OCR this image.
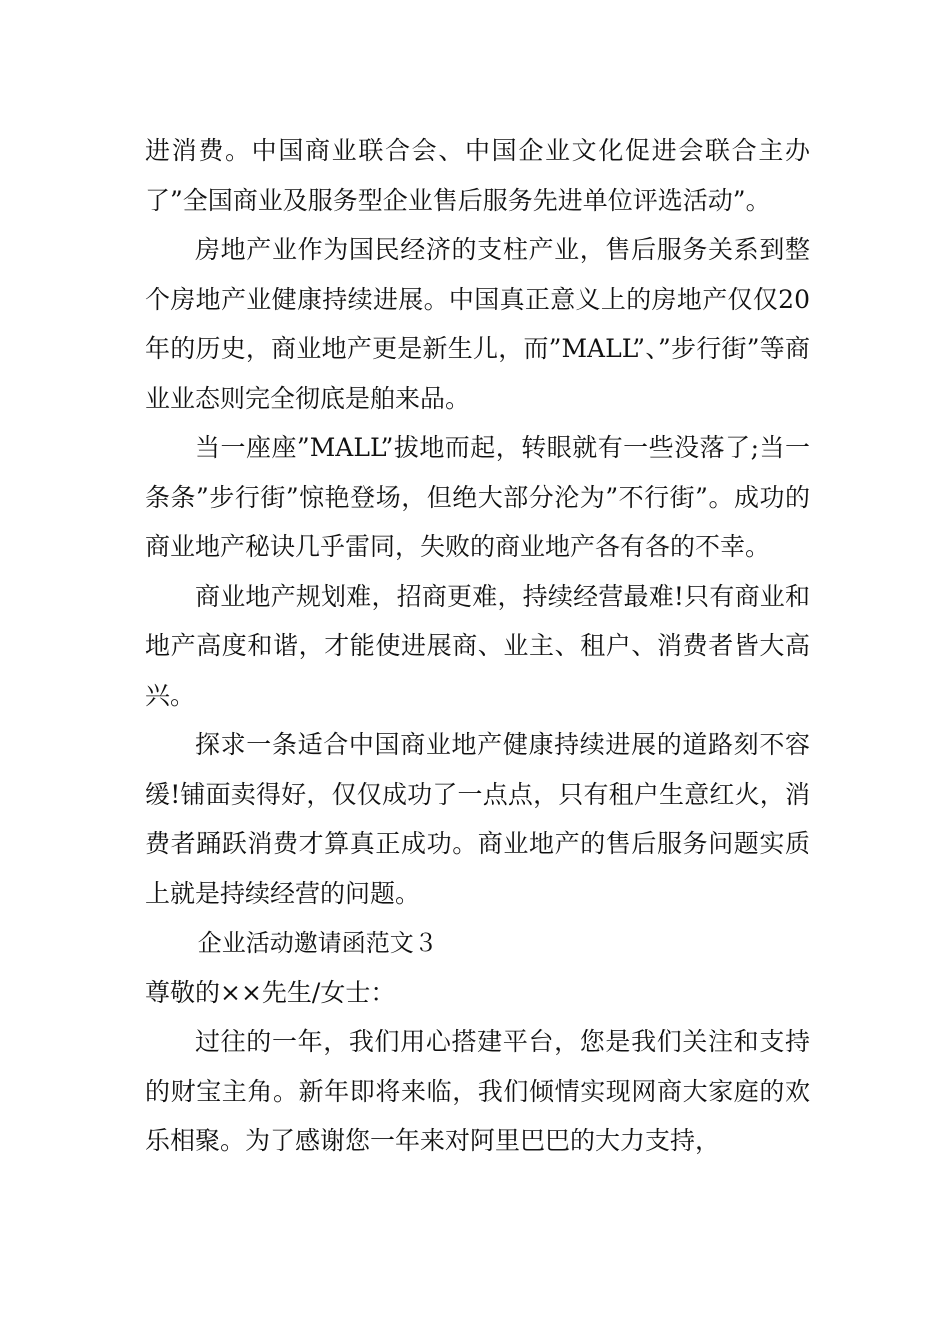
进消费。中国商业联合会、中国企业文化促进会联合主办了”全国商业及服务型企业售后服务先进单位评选活动”。

房地产业作为国民经济的支柱产业，售后服务关系到整个房地产业健康持续进展。中国真正意义上的房地产仅仅20年的历史，商业地产更是新生儿，而”MALL”、”步行街”等商业业态则完全彻底是舶来品。

当一座座”MALL”拔地而起，转眼就有一些没落了;当一条条”步行街”惊艳登场，但绝大部分沦为”不行街”。成功的商业地产秘诀几乎雷同，失败的商业地产各有各的不幸。

商业地产规划难，招商更难，持续经营最难!只有商业和地产高度和谐，才能使进展商、业主、租户、消费者皆大高兴。

探求一条适合中国商业地产健康持续进展的道路刻不容缓!铺面卖得好，仅仅成功了一点点，只有租户生意红火，消费者踊跃消费才算真正成功。商业地产的售后服务问题实质上就是持续经营的问题。

企业活动邀请函范文３

尊敬的××先生/女士：

过往的一年，我们用心搭建平台，您是我们关注和支持的财宝主角。新年即将来临，我们倾情实现网商大家庭的欢乐相聚。为了感谢您一年来对阿里巴巴的大力支持，
